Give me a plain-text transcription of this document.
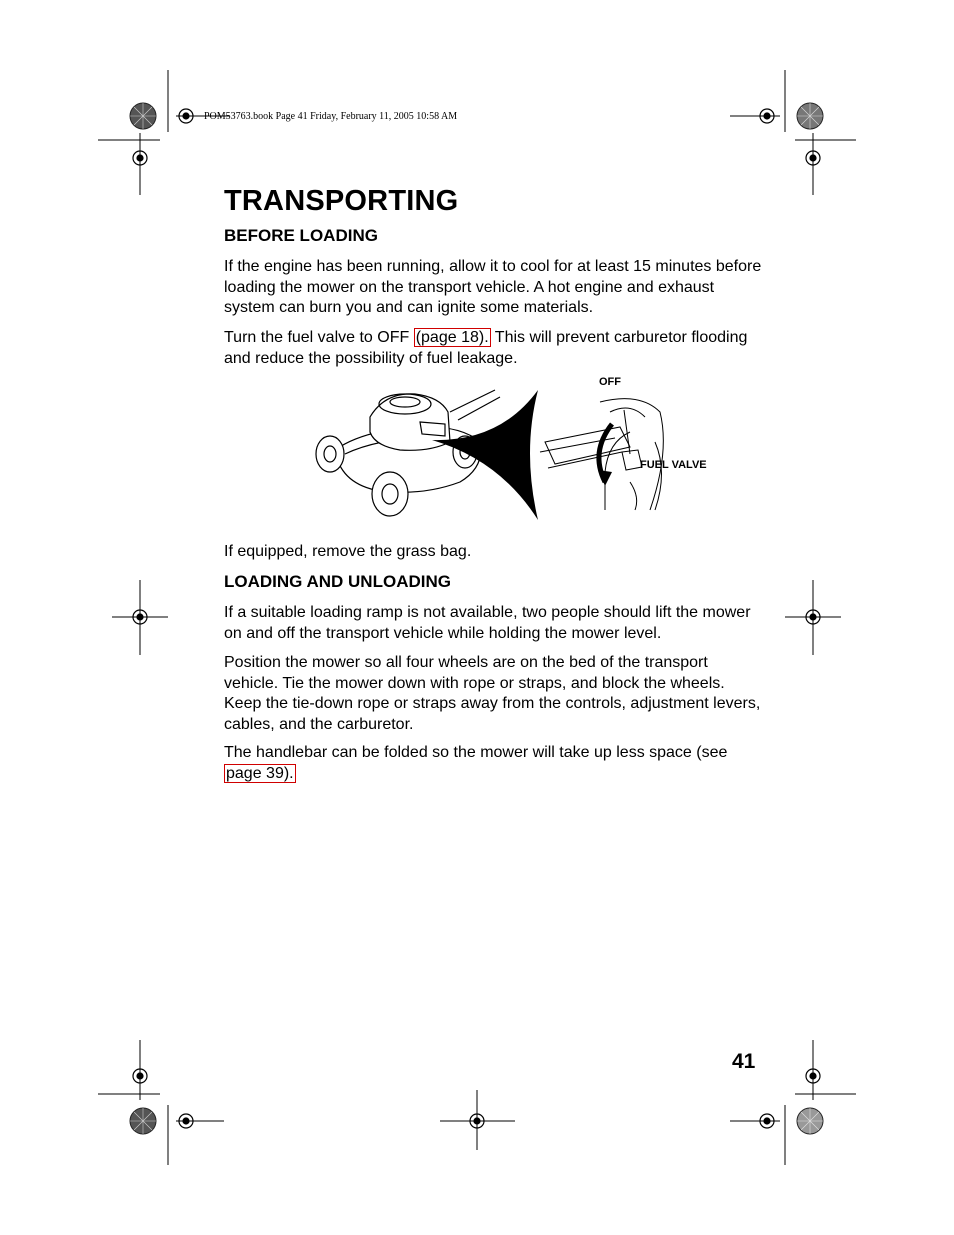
POM53763.book Page 41 Friday, February 11, 2005 10:58 AM
TRANSPORTING
BEFORE LOADING

If the engine has been running, allow it to cool for at least 15 minutes before loading the mower on the transport vehicle. A hot engine and exhaust system can burn you and can ignite some materials.

Turn the fuel valve to OFF (page 18). This will prevent carburetor flooding and reduce the possibility of fuel leakage.

OFF
FUEL VALVE

If equipped, remove the grass bag.

LOADING AND UNLOADING

If a suitable loading ramp is not available, two people should lift the mower on and off the transport vehicle while holding the mower level.

Position the mower so all four wheels are on the bed of the transport vehicle. Tie the mower down with rope or straps, and block the wheels. Keep the tie-down rope or straps away from the controls, adjustment levers, cables, and the carburetor.

The handlebar can be folded so the mower will take up less space (see page 39).

41
